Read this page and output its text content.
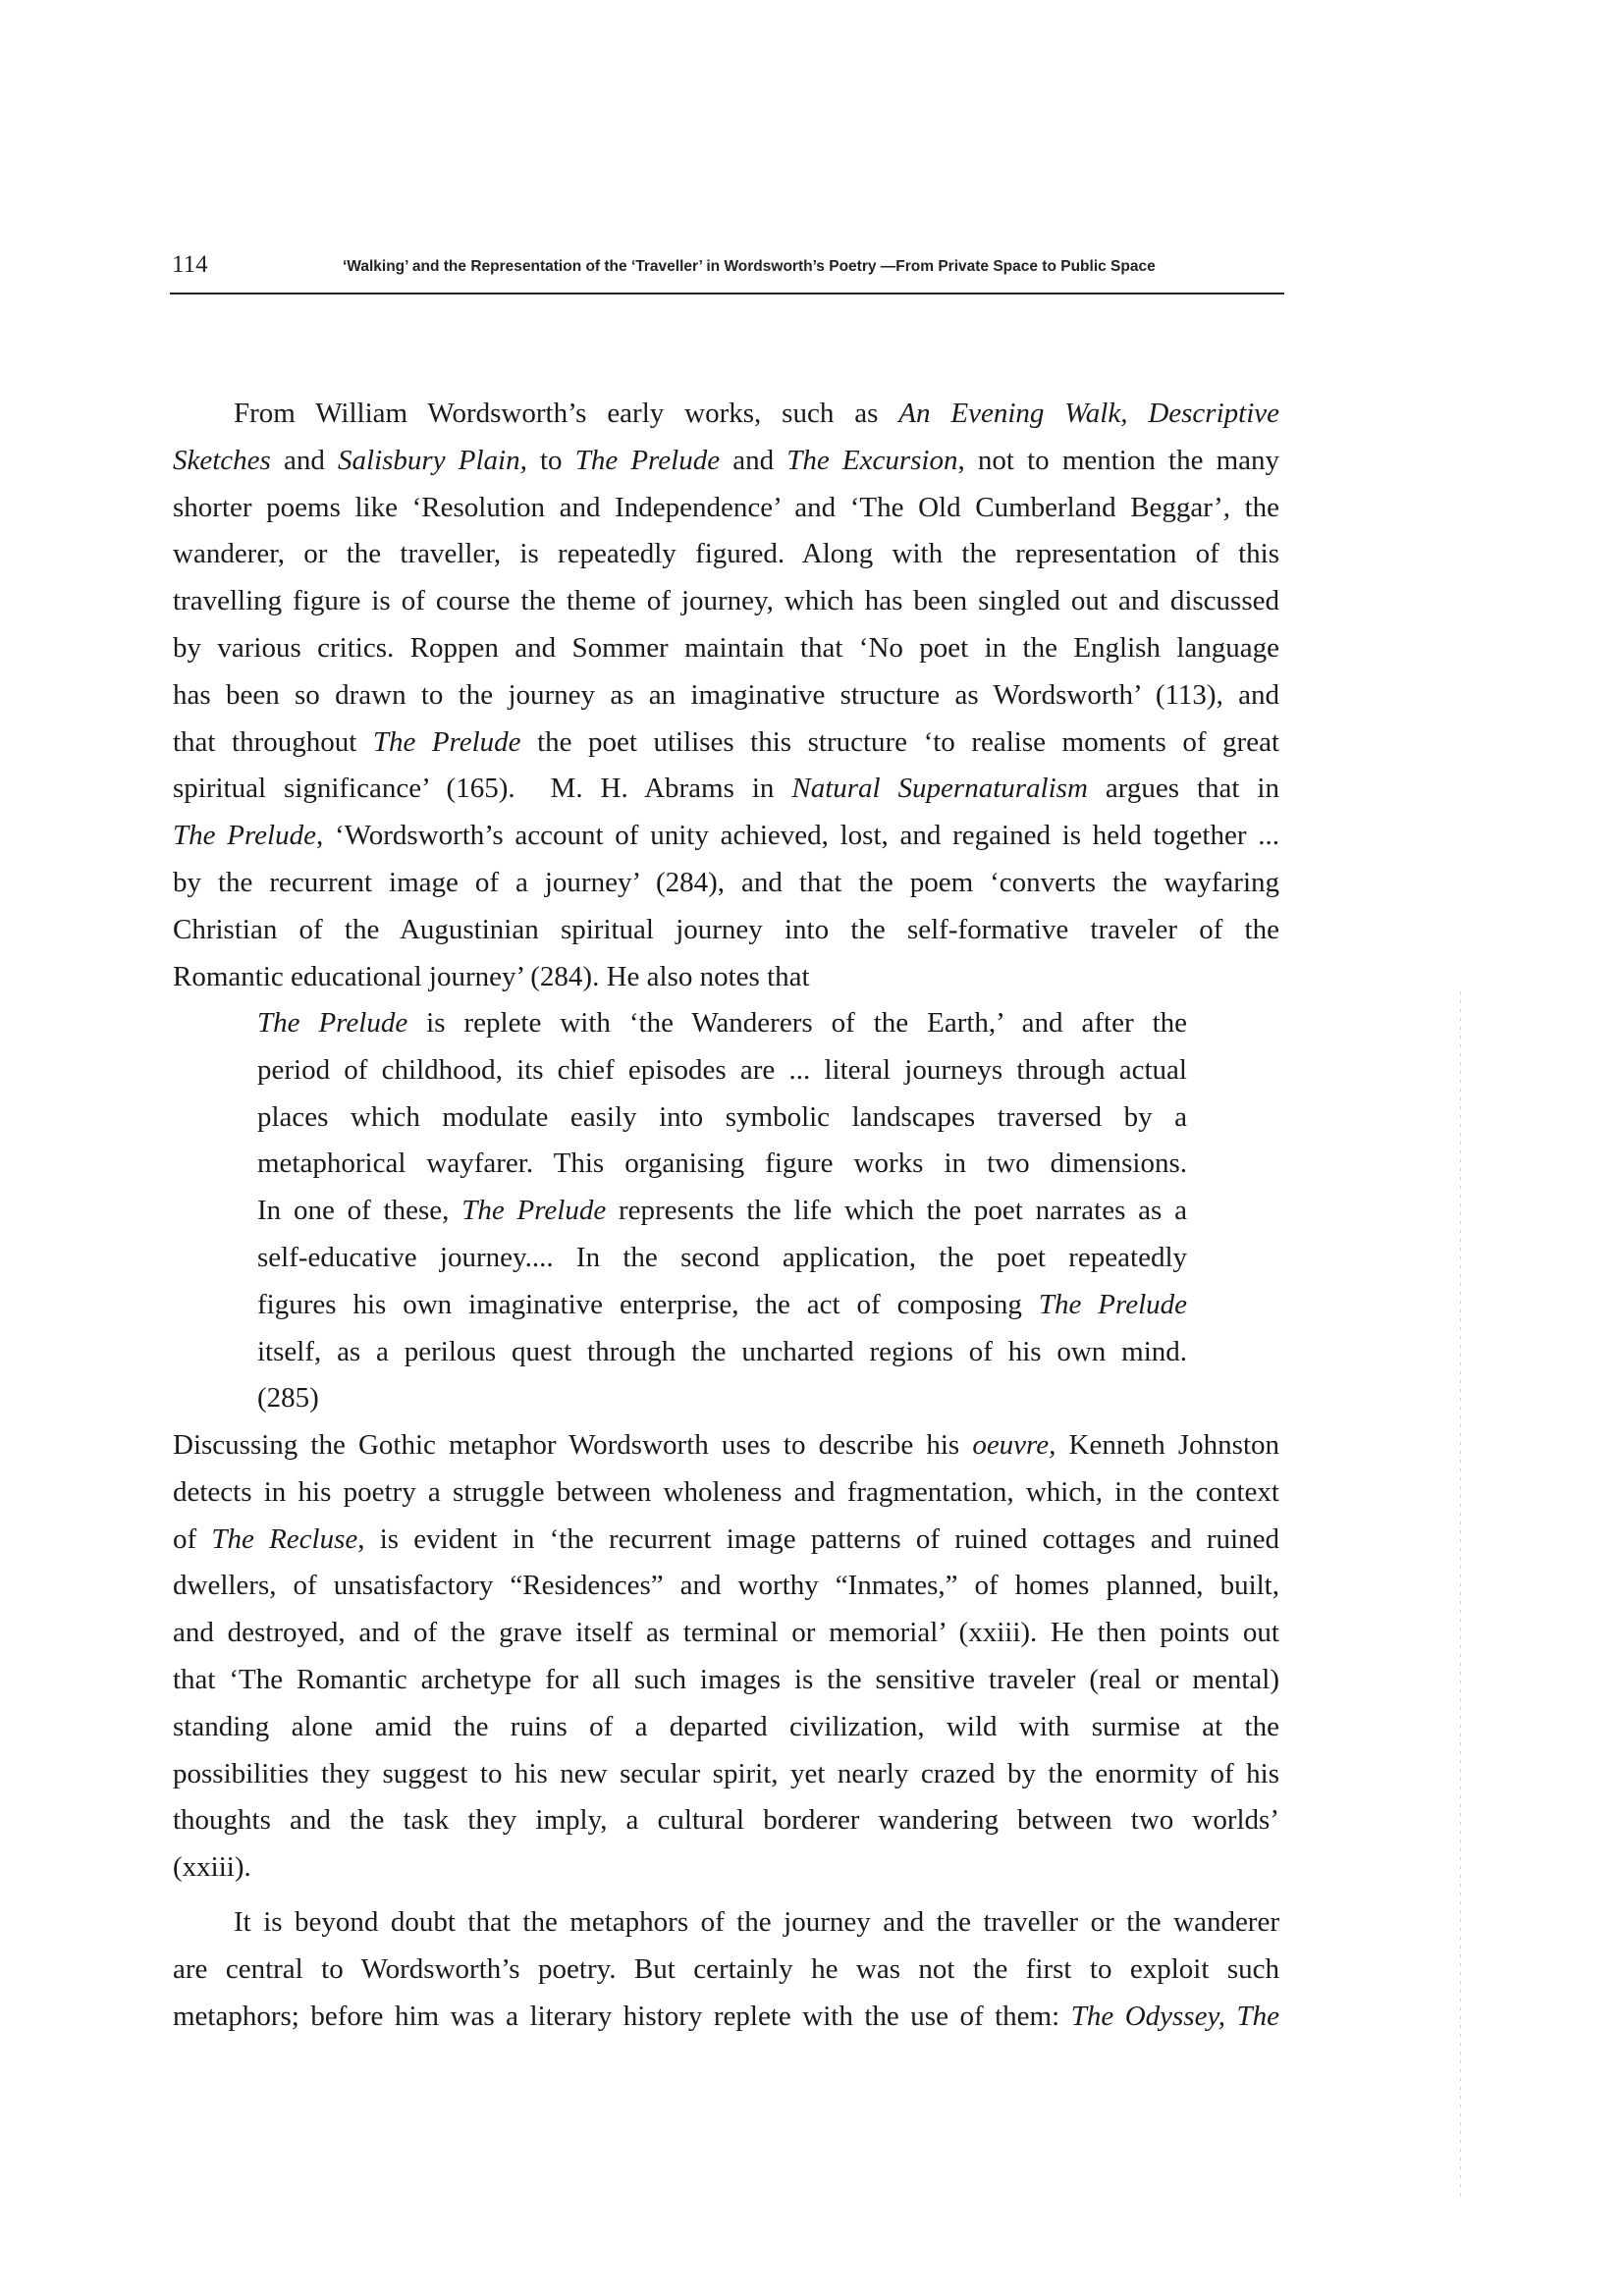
114	‘Walking’ and the Representation of the ‘Traveller’ in Wordsworth’s Poetry —From Private Space to Public Space
From William Wordsworth’s early works, such as An Evening Walk, Descriptive
Sketches and Salisbury Plain, to The Prelude and The Excursion, not to mention the many
shorter poems like ‘Resolution and Independence’ and ‘The Old Cumberland Beggar’, the
wanderer, or the traveller, is repeatedly figured. Along with the representation of this
travelling figure is of course the theme of journey, which has been singled out and discussed
by various critics. Roppen and Sommer maintain that ‘No poet in the English language
has been so drawn to the journey as an imaginative structure as Wordsworth’ (113), and
that throughout The Prelude the poet utilises this structure ‘to realise moments of great
spiritual significance’ (165).  M. H. Abrams in Natural Supernaturalism argues that in
The Prelude, ‘Wordsworth’s account of unity achieved, lost, and regained is held together ...
by the recurrent image of a journey’ (284), and that the poem ‘converts the wayfaring
Christian of the Augustinian spiritual journey into the self-formative traveler of the
Romantic educational journey’ (284). He also notes that
The Prelude is replete with ‘the Wanderers of the Earth,’ and after the
period of childhood, its chief episodes are ... literal journeys through actual
places which modulate easily into symbolic landscapes traversed by a
metaphorical wayfarer. This organising figure works in two dimensions.
In one of these, The Prelude represents the life which the poet narrates as a
self-educative journey.... In the second application, the poet repeatedly
figures his own imaginative enterprise, the act of composing The Prelude
itself, as a perilous quest through the uncharted regions of his own mind.
(285)
Discussing the Gothic metaphor Wordsworth uses to describe his oeuvre, Kenneth Johnston
detects in his poetry a struggle between wholeness and fragmentation, which, in the context
of The Recluse, is evident in ‘the recurrent image patterns of ruined cottages and ruined
dwellers, of unsatisfactory “Residences” and worthy “Inmates,” of homes planned, built,
and destroyed, and of the grave itself as terminal or memorial’ (xxiii). He then points out
that ‘The Romantic archetype for all such images is the sensitive traveler (real or mental)
standing alone amid the ruins of a departed civilization, wild with surmise at the
possibilities they suggest to his new secular spirit, yet nearly crazed by the enormity of his
thoughts and the task they imply, a cultural borderer wandering between two worlds’
(xxiii).
It is beyond doubt that the metaphors of the journey and the traveller or the wanderer
are central to Wordsworth’s poetry. But certainly he was not the first to exploit such
metaphors; before him was a literary history replete with the use of them: The Odyssey, The
